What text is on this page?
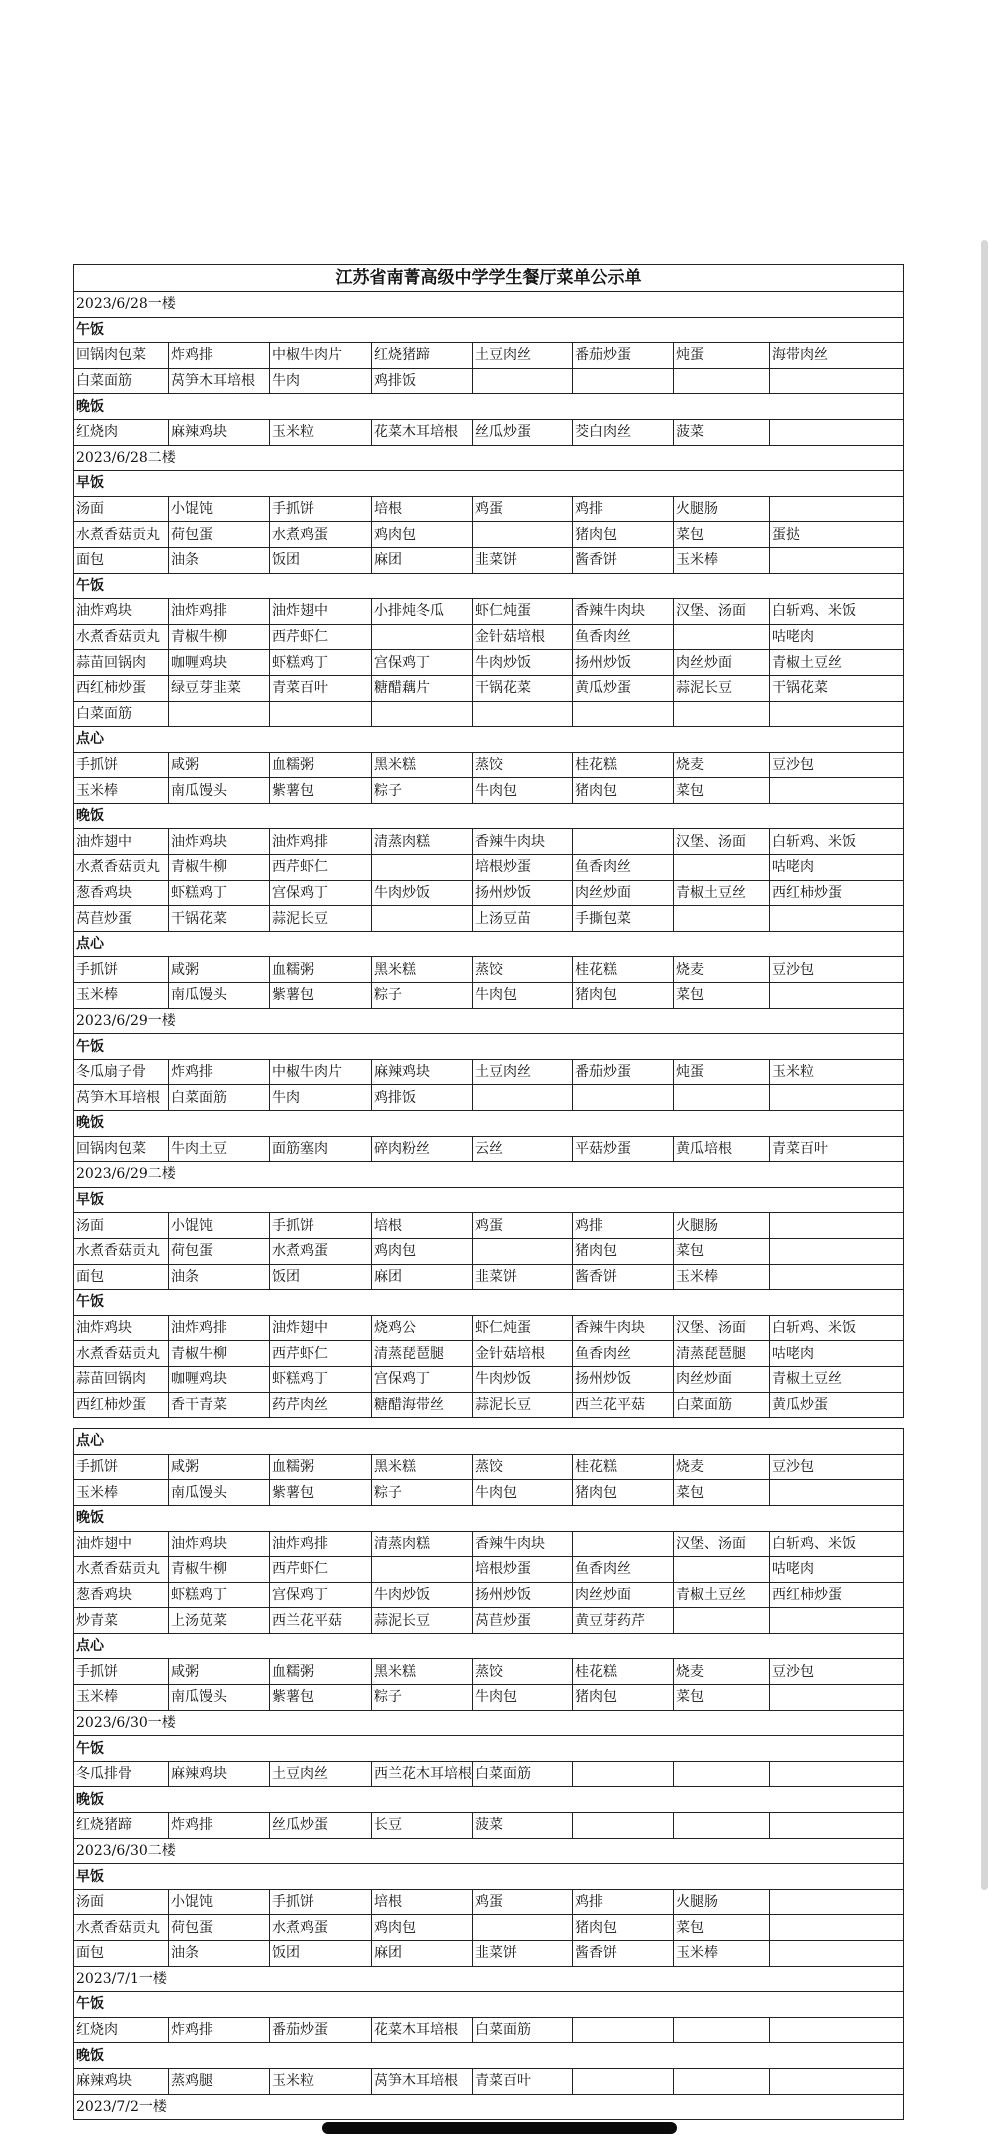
江苏省南菁高级中学学生餐厅菜单公示单							
2023/6/28一楼							
午饭							
回锅肉包菜	炸鸡排	中椒牛肉片	红烧猪蹄	土豆肉丝	番茄炒蛋	炖蛋	海带肉丝
白菜面筋	莴笋木耳培根	牛肉	鸡排饭				
晚饭							
红烧肉	麻辣鸡块	玉米粒	花菜木耳培根	丝瓜炒蛋	茭白肉丝	菠菜	
2023/6/28二楼							
早饭							
汤面	小馄饨	手抓饼	培根	鸡蛋	鸡排	火腿肠	
水煮香菇贡丸	荷包蛋	水煮鸡蛋	鸡肉包		猪肉包	菜包	蛋挞
面包	油条	饭团	麻团	韭菜饼	酱香饼	玉米棒	
午饭							
油炸鸡块	油炸鸡排	油炸翅中	小排炖冬瓜	虾仁炖蛋	香辣牛肉块	汉堡、汤面	白斩鸡、米饭
水煮香菇贡丸	青椒牛柳	西芹虾仁		金针菇培根	鱼香肉丝		咕咾肉
蒜苗回锅肉	咖喱鸡块	虾糕鸡丁	宫保鸡丁	牛肉炒饭	扬州炒饭	肉丝炒面	青椒土豆丝
西红柿炒蛋	绿豆芽韭菜	青菜百叶	糖醋藕片	干锅花菜	黄瓜炒蛋	蒜泥长豆	干锅花菜
白菜面筋							
点心							
手抓饼	咸粥	血糯粥	黑米糕	蒸饺	桂花糕	烧麦	豆沙包
玉米棒	南瓜馒头	紫薯包	粽子	牛肉包	猪肉包	菜包	
晚饭							
油炸翅中	油炸鸡块	油炸鸡排	清蒸肉糕	香辣牛肉块		汉堡、汤面	白斩鸡、米饭
水煮香菇贡丸	青椒牛柳	西芹虾仁		培根炒蛋	鱼香肉丝		咕咾肉
葱香鸡块	虾糕鸡丁	宫保鸡丁	牛肉炒饭	扬州炒饭	肉丝炒面	青椒土豆丝	西红柿炒蛋
莴苣炒蛋	干锅花菜	蒜泥长豆		上汤豆苗	手撕包菜		
点心							
手抓饼	咸粥	血糯粥	黑米糕	蒸饺	桂花糕	烧麦	豆沙包
玉米棒	南瓜馒头	紫薯包	粽子	牛肉包	猪肉包	菜包	
2023/6/29一楼							
午饭							
冬瓜扇子骨	炸鸡排	中椒牛肉片	麻辣鸡块	土豆肉丝	番茄炒蛋	炖蛋	玉米粒
莴笋木耳培根	白菜面筋	牛肉	鸡排饭				
晚饭							
回锅肉包菜	牛肉土豆	面筋塞肉	碎肉粉丝	云丝	平菇炒蛋	黄瓜培根	青菜百叶
2023/6/29二楼							
早饭							
汤面	小馄饨	手抓饼	培根	鸡蛋	鸡排	火腿肠	
水煮香菇贡丸	荷包蛋	水煮鸡蛋	鸡肉包		猪肉包	菜包	
面包	油条	饭团	麻团	韭菜饼	酱香饼	玉米棒	
午饭							
油炸鸡块	油炸鸡排	油炸翅中	烧鸡公	虾仁炖蛋	香辣牛肉块	汉堡、汤面	白斩鸡、米饭
水煮香菇贡丸	青椒牛柳	西芹虾仁	清蒸琵琶腿	金针菇培根	鱼香肉丝	清蒸琵琶腿	咕咾肉
蒜苗回锅肉	咖喱鸡块	虾糕鸡丁	宫保鸡丁	牛肉炒饭	扬州炒饭	肉丝炒面	青椒土豆丝
西红柿炒蛋	香干青菜	药芹肉丝	糖醋海带丝	蒜泥长豆	西兰花平菇	白菜面筋	黄瓜炒蛋

点心							
手抓饼	咸粥	血糯粥	黑米糕	蒸饺	桂花糕	烧麦	豆沙包
玉米棒	南瓜馒头	紫薯包	粽子	牛肉包	猪肉包	菜包	
晚饭							
油炸翅中	油炸鸡块	油炸鸡排	清蒸肉糕	香辣牛肉块		汉堡、汤面	白斩鸡、米饭
水煮香菇贡丸	青椒牛柳	西芹虾仁		培根炒蛋	鱼香肉丝		咕咾肉
葱香鸡块	虾糕鸡丁	宫保鸡丁	牛肉炒饭	扬州炒饭	肉丝炒面	青椒土豆丝	西红柿炒蛋
炒青菜	上汤苋菜	西兰花平菇	蒜泥长豆	莴苣炒蛋	黄豆芽药芹		
点心							
手抓饼	咸粥	血糯粥	黑米糕	蒸饺	桂花糕	烧麦	豆沙包
玉米棒	南瓜馒头	紫薯包	粽子	牛肉包	猪肉包	菜包	
2023/6/30一楼							
午饭							
冬瓜排骨	麻辣鸡块	土豆肉丝	西兰花木耳培根	白菜面筋			
晚饭							
红烧猪蹄	炸鸡排	丝瓜炒蛋	长豆	菠菜			
2023/6/30二楼							
早饭							
汤面	小馄饨	手抓饼	培根	鸡蛋	鸡排	火腿肠	
水煮香菇贡丸	荷包蛋	水煮鸡蛋	鸡肉包		猪肉包	菜包	
面包	油条	饭团	麻团	韭菜饼	酱香饼	玉米棒	
2023/7/1一楼							
午饭							
红烧肉	炸鸡排	番茄炒蛋	花菜木耳培根	白菜面筋			
晚饭							
麻辣鸡块	蒸鸡腿	玉米粒	莴笋木耳培根	青菜百叶			
2023/7/2一楼							
